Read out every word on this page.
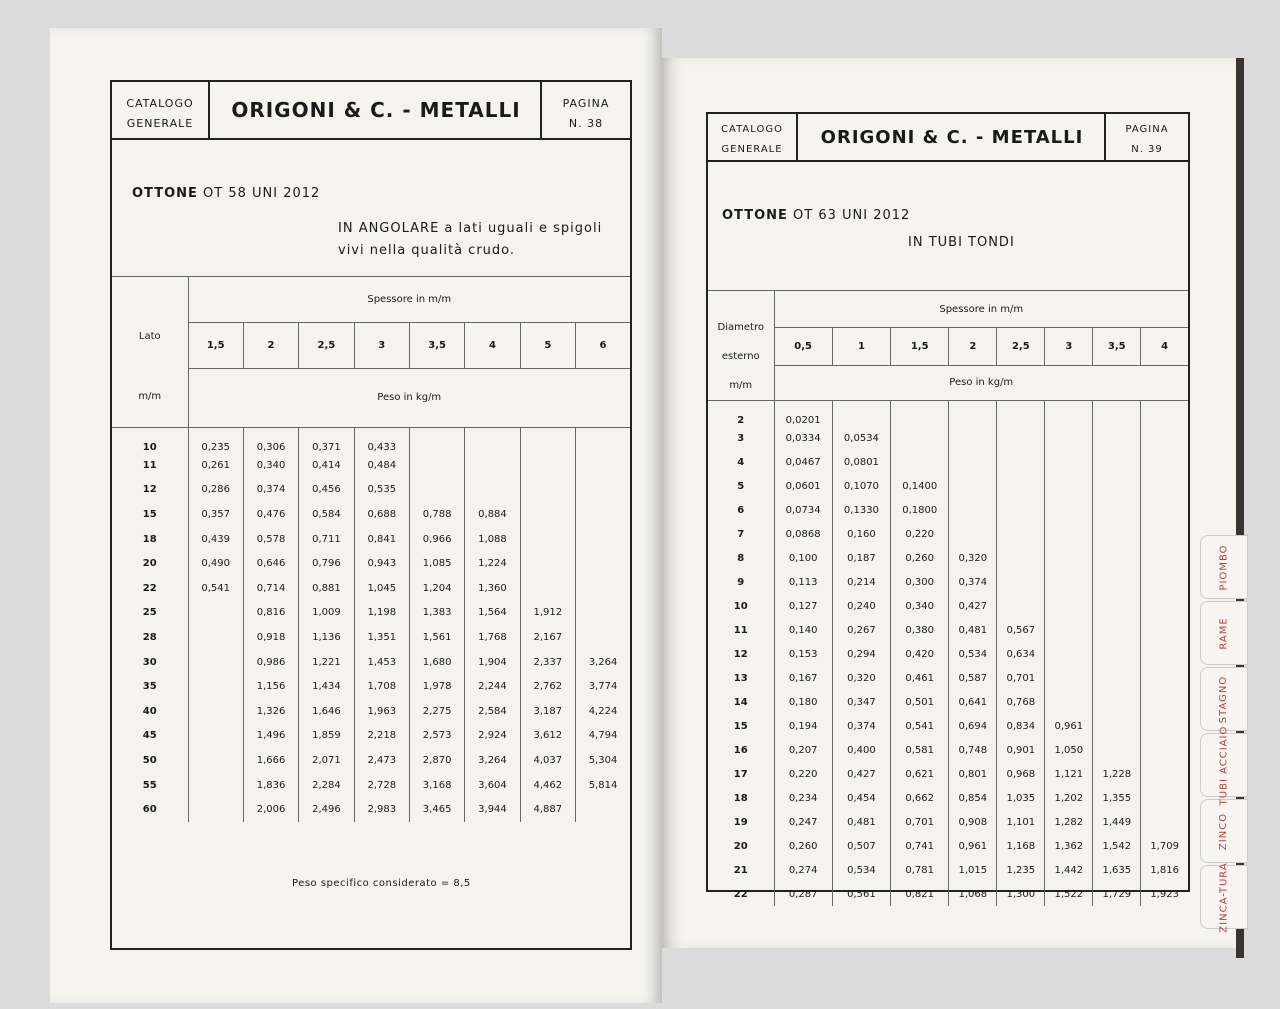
CATALOGO
GENERALE
ORIGONI & C. - METALLI	PAGINA
N. 38
OTTONE OT 58 UNI 2012
IN ANGOLARE a lati uguali e spigoli
vivi nella qualità crudo.
Lato
m/m	Spessore in m/m							
	1,5	2	2,5	3	3,5	4	5	6
	Peso in kg/m							
10	0,235	0,306	0,371	0,433				
11	0,261	0,340	0,414	0,484				
12	0,286	0,374	0,456	0,535				
15	0,357	0,476	0,584	0,688	0,788	0,884		
18	0,439	0,578	0,711	0,841	0,966	1,088		
20	0,490	0,646	0,796	0,943	1,085	1,224		
22	0,541	0,714	0,881	1,045	1,204	1,360		
25		0,816	1,009	1,198	1,383	1,564	1,912	
28		0,918	1,136	1,351	1,561	1,768	2,167	
30		0,986	1,221	1,453	1,680	1,904	2,337	3,264
35		1,156	1,434	1,708	1,978	2,244	2,762	3,774
40		1,326	1,646	1,963	2,275	2,584	3,187	4,224
45		1,496	1,859	2,218	2,573	2,924	3,612	4,794
50		1,666	2,071	2,473	2,870	3,264	4,037	5,304
55		1,836	2,284	2,728	3,168	3,604	4,462	5,814
60		2,006	2,496	2,983	3,465	3,944	4,887	
Peso specifico considerato = 8,5
CATALOGO
GENERALE
ORIGONI & C. - METALLI	PAGINA
N. 39
OTTONE OT 63 UNI 2012
IN TUBI TONDI
Diametro
esterno
m/m	Spessore in m/m							
	0,5	1	1,5	2	2,5	3	3,5	4
	Peso in kg/m							
2	0,0201							
3	0,0334	0,0534						
4	0,0467	0,0801						
5	0,0601	0,1070	0,1400					
6	0,0734	0,1330	0,1800					
7	0,0868	0,160	0,220					
8	0,100	0,187	0,260	0,320				
9	0,113	0,214	0,300	0,374				
10	0,127	0,240	0,340	0,427				
11	0,140	0,267	0,380	0,481	0,567			
12	0,153	0,294	0,420	0,534	0,634			
13	0,167	0,320	0,461	0,587	0,701			
14	0,180	0,347	0,501	0,641	0,768			
15	0,194	0,374	0,541	0,694	0,834	0,961		
16	0,207	0,400	0,581	0,748	0,901	1,050		
17	0,220	0,427	0,621	0,801	0,968	1,121	1,228	
18	0,234	0,454	0,662	0,854	1,035	1,202	1,355	
19	0,247	0,481	0,701	0,908	1,101	1,282	1,449	
20	0,260	0,507	0,741	0,961	1,168	1,362	1,542	1,709
21	0,274	0,534	0,781	1,015	1,235	1,442	1,635	1,816
22	0,287	0,561	0,821	1,068	1,300	1,522	1,729	1,923
PIOMBO
RAME
STAGNO
TUBI ACCIAIO
ZINCO
ZINCA-TURA
